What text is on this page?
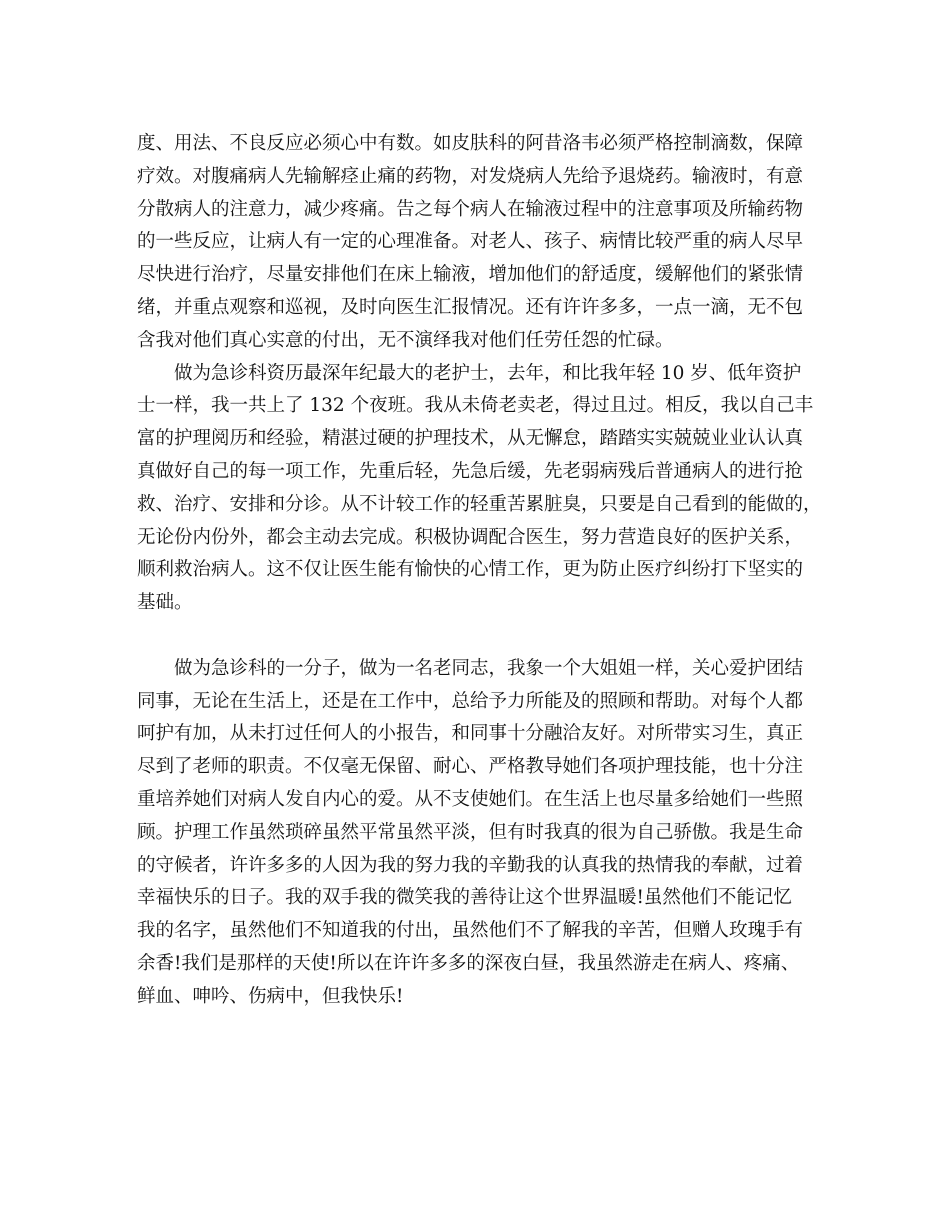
度、用法、不良反应必须心中有数。如皮肤科的阿昔洛韦必须严格控制滴数，保障
疗效。对腹痛病人先输解痉止痛的药物，对发烧病人先给予退烧药。输液时，有意
分散病人的注意力，减少疼痛。告之每个病人在输液过程中的注意事项及所输药物
的一些反应，让病人有一定的心理准备。对老人、孩子、病情比较严重的病人尽早
尽快进行治疗，尽量安排他们在床上输液，增加他们的舒适度，缓解他们的紧张情
绪，并重点观察和巡视，及时向医生汇报情况。还有许许多多，一点一滴，无不包
含我对他们真心实意的付出，无不演绎我对他们任劳任怨的忙碌。
做为急诊科资历最深年纪最大的老护士，去年，和比我年轻 10 岁、低年资护
士一样，我一共上了 132 个夜班。我从未倚老卖老，得过且过。相反，我以自己丰
富的护理阅历和经验，精湛过硬的护理技术，从无懈怠，踏踏实实兢兢业业认认真
真做好自己的每一项工作，先重后轻，先急后缓，先老弱病残后普通病人的进行抢
救、治疗、安排和分诊。从不计较工作的轻重苦累脏臭，只要是自己看到的能做的，
无论份内份外，都会主动去完成。积极协调配合医生，努力营造良好的医护关系，
顺利救治病人。这不仅让医生能有愉快的心情工作，更为防止医疗纠纷打下坚实的
基础。
做为急诊科的一分子，做为一名老同志，我象一个大姐姐一样，关心爱护团结
同事，无论在生活上，还是在工作中，总给予力所能及的照顾和帮助。对每个人都
呵护有加，从未打过任何人的小报告，和同事十分融洽友好。对所带实习生，真正
尽到了老师的职责。不仅毫无保留、耐心、严格教导她们各项护理技能，也十分注
重培养她们对病人发自内心的爱。从不支使她们。在生活上也尽量多给她们一些照
顾。护理工作虽然琐碎虽然平常虽然平淡，但有时我真的很为自己骄傲。我是生命
的守候者，许许多多的人因为我的努力我的辛勤我的认真我的热情我的奉献，过着
幸福快乐的日子。我的双手我的微笑我的善待让这个世界温暖!虽然他们不能记忆
我的名字，虽然他们不知道我的付出，虽然他们不了解我的辛苦，但赠人玫瑰手有
余香!我们是那样的天使!所以在许许多多的深夜白昼，我虽然游走在病人、疼痛、
鲜血、呻吟、伤病中，但我快乐!
